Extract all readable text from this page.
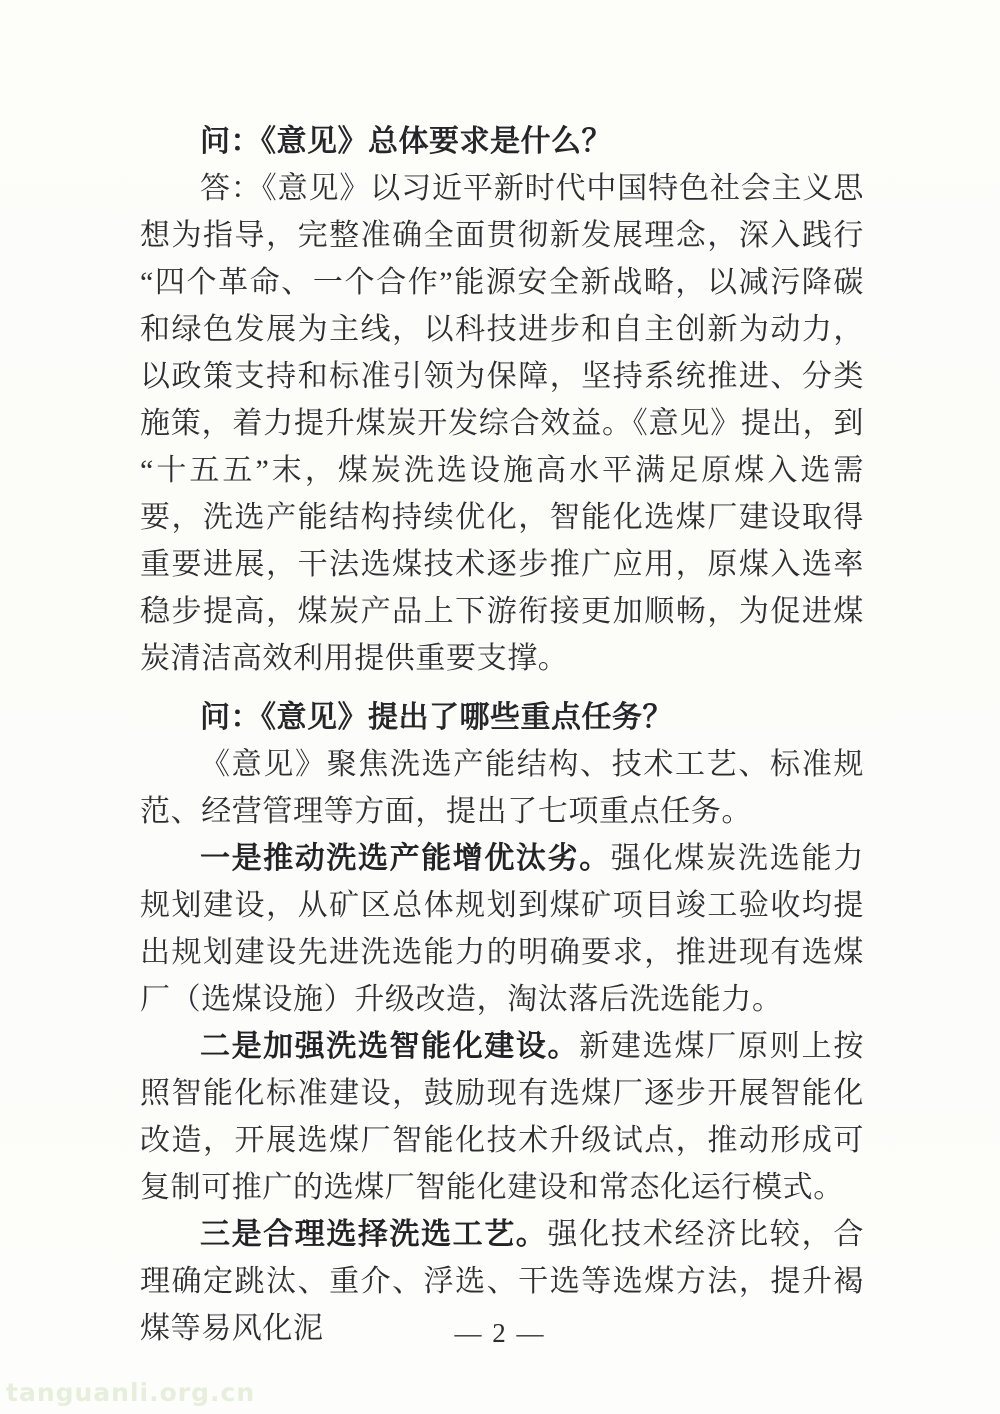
问：《意见》总体要求是什么？

答：《意见》以习近平新时代中国特色社会主义思想为指导，完整准确全面贯彻新发展理念，深入践行“四个革命、一个合作”能源安全新战略，以减污降碳和绿色发展为主线，以科技进步和自主创新为动力，以政策支持和标准引领为保障，坚持系统推进、分类施策，着力提升煤炭开发综合效益。《意见》提出，到“十五五”末，煤炭洗选设施高水平满足原煤入选需要，洗选产能结构持续优化，智能化选煤厂建设取得重要进展，干法选煤技术逐步推广应用，原煤入选率稳步提高，煤炭产品上下游衔接更加顺畅，为促进煤炭清洁高效利用提供重要支撑。

问：《意见》提出了哪些重点任务？

《意见》聚焦洗选产能结构、技术工艺、标准规范、经营管理等方面，提出了七项重点任务。

一是推动洗选产能增优汰劣。强化煤炭洗选能力规划建设，从矿区总体规划到煤矿项目竣工验收均提出规划建设先进洗选能力的明确要求，推进现有选煤厂（选煤设施）升级改造，淘汰落后洗选能力。

二是加强洗选智能化建设。新建选煤厂原则上按照智能化标准建设，鼓励现有选煤厂逐步开展智能化改造，开展选煤厂智能化技术升级试点，推动形成可复制可推广的选煤厂智能化建设和常态化运行模式。

三是合理选择洗选工艺。强化技术经济比较，合理确定跳汰、重介、浮选、干选等选煤方法，提升褐煤等易风化泥	— 2 —
tanguanli.org.cn
